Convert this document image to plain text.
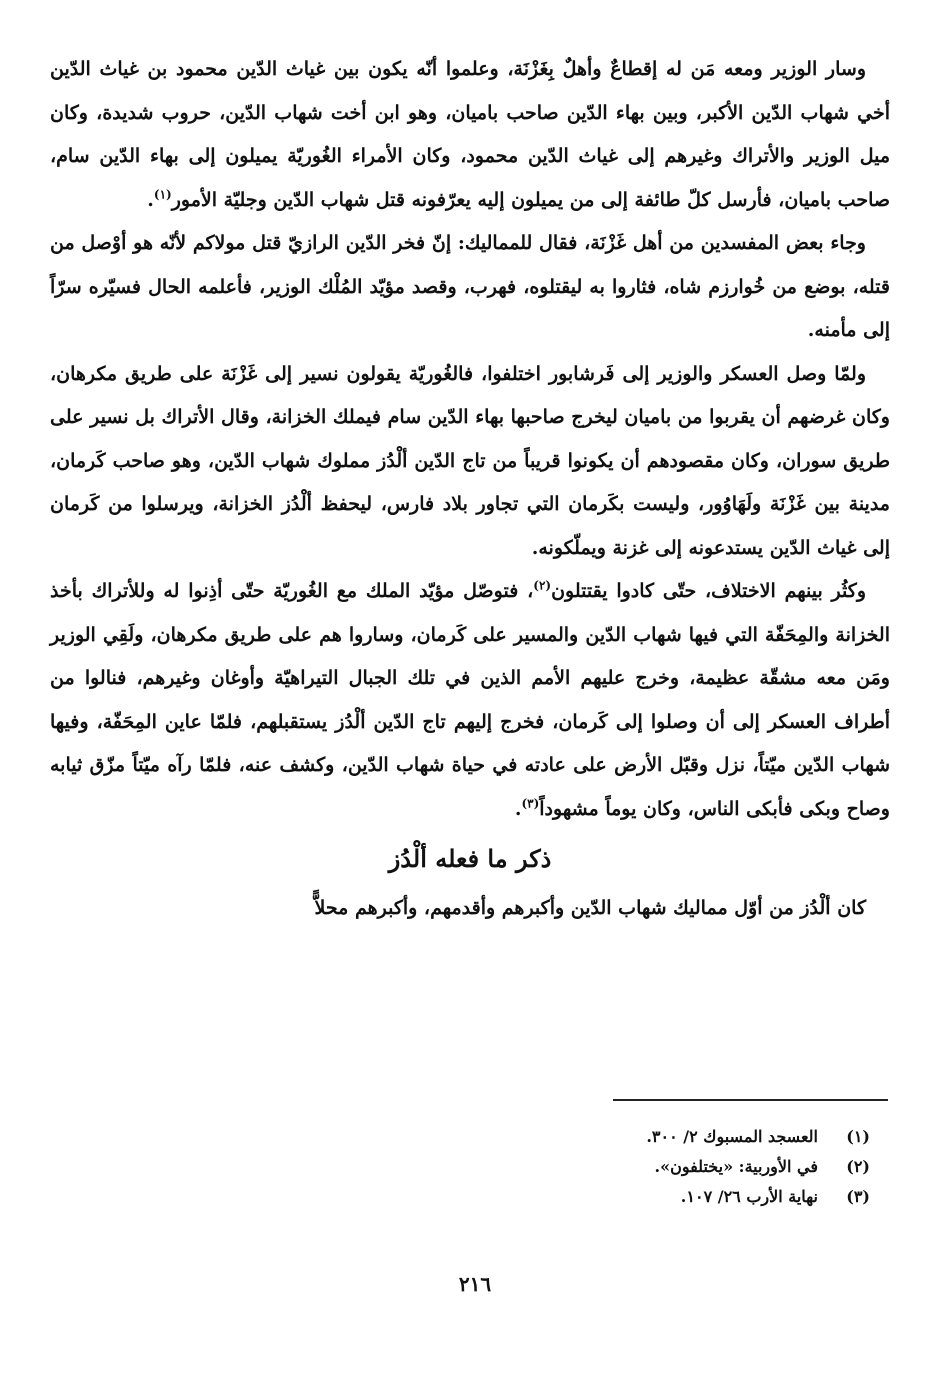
وسار الوزير ومعه مَن له إقطاعٌ وأهلٌ بِغَزْنَة، وعلموا أنّه يكون بين غياث الدّين محمود بن غياث الدّين أخي شهاب الدّين الأكبر، وبين بهاء الدّين صاحب باميان، وهو ابن أخت شهاب الدّين، حروب شديدة، وكان ميل الوزير والأتراك وغيرهم إلى غياث الدّين محمود، وكان الأمراء الغُوريّة يميلون إلى بهاء الدّين سام، صاحب باميان، فأرسل كلّ طائفة إلى من يميلون إليه يعرّفونه قتل شهاب الدّين وجليّة الأمور$^{(١)}$.

وجاء بعض المفسدين من أهل غَزْنَة، فقال للمماليك: إنّ فخر الدّين الرازيّ قتل مولاكم لأنّه هو أوْصل من قتله، بوضع من خُوارزم شاه، فثاروا به ليقتلوه، فهرب، وقصد مؤيّد المُلْك الوزير، فأعلمه الحال فسيّره سرّاً إلى مأمنه.

ولمّا وصل العسكر والوزير إلى فَرشابور اختلفوا، فالغُوريّة يقولون نسير إلى غَزْنَة على طريق مكرهان، وكان غرضهم أن يقربوا من باميان ليخرج صاحبها بهاء الدّين سام فيملك الخزانة، وقال الأتراك بل نسير على طريق سوران، وكان مقصودهم أن يكونوا قريباً من تاج الدّين ألْدُز مملوك شهاب الدّين، وهو صاحب كَرمان، مدينة بين غَزْنَة ولَهَاوُور، وليست بكَرمان التي تجاور بلاد فارس، ليحفظ ألْدُز الخزانة، ويرسلوا من كَرمان إلى غياث الدّين يستدعونه إلى غزنة ويملّكونه.

وكثُر بينهم الاختلاف، حتّى كادوا يقتتلون$^{(٢)}$، فتوصّل مؤيّد الملك مع الغُوريّة حتّى أذِنوا له وللأتراك بأخذ الخزانة والمِحَفّة التي فيها شهاب الدّين والمسير على كَرمان، وساروا هم على طريق مكرهان، ولَقِي الوزير ومَن معه مشقّة عظيمة، وخرج عليهم الأمم الذين في تلك الجبال التيراهيّة وأوغان وغيرهم، فنالوا من أطراف العسكر إلى أن وصلوا إلى كَرمان، فخرج إليهم تاج الدّين ألْدُز يستقبلهم، فلمّا عاين المِحَفّة، وفيها شهاب الدّين ميّتاً، نزل وقبّل الأرض على عادته في حياة شهاب الدّين، وكشف عنه، فلمّا رآه ميّتاً مزّق ثيابه وصاح وبكى فأبكى الناس، وكان يوماً مشهوداً$^{(٣)}$.

ذكر ما فعله ألْدُز

كان ألْدُز من أوّل مماليك شهاب الدّين وأكبرهم وأقدمهم، وأكبرهم محلاًّ

(١)
العسجد المسبوك ٢/ ٣٠٠.
(٢)
في الأوربية: «يختلفون».
(٣)
نهاية الأرب ٢٦/ ١٠٧.
٢١٦
